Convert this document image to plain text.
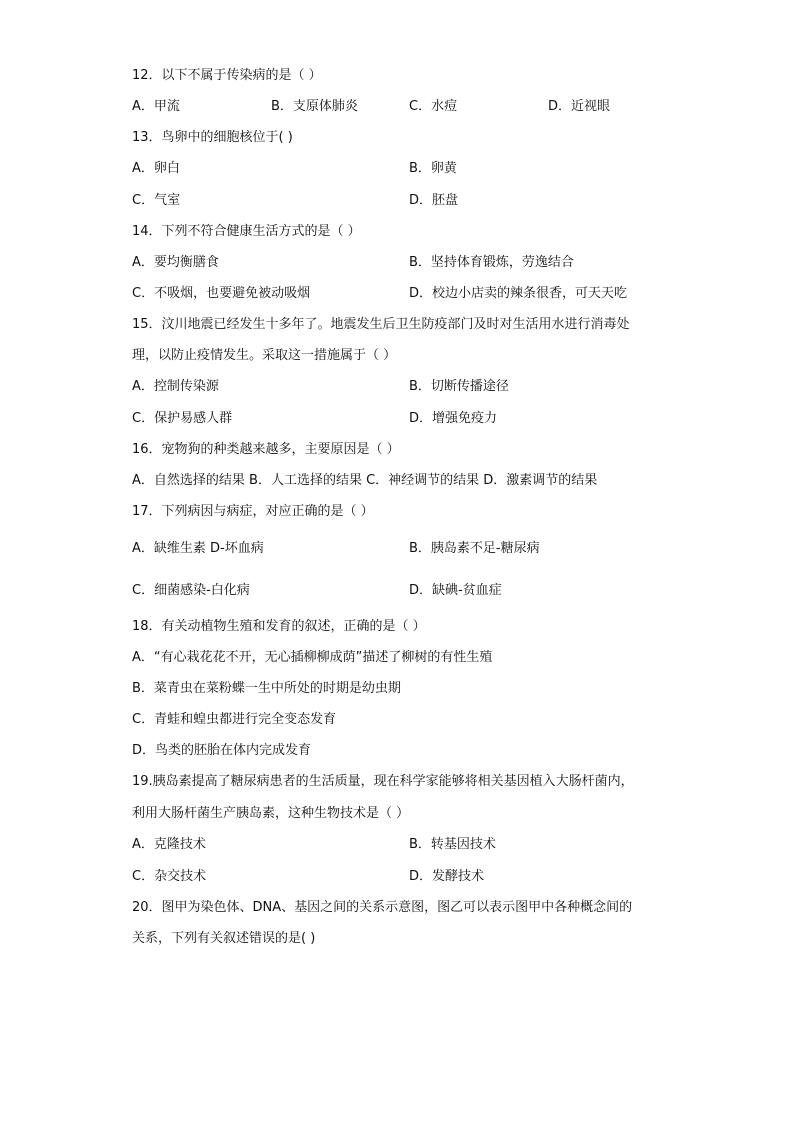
12．以下不属于传染病的是（ ）
A．甲流	B．支原体肺炎	C．水痘	D．近视眼
13．鸟卵中的细胞核位于( )
A．卵白	B．卵黄
C．气室	D．胚盘
14．下列不符合健康生活方式的是（ ）
A．要均衡膳食	B．坚持体育锻炼，劳逸结合
C．不吸烟，也要避免被动吸烟	D．校边小店卖的辣条很香，可天天吃
15．汶川地震已经发生十多年了。地震发生后卫生防疫部门及时对生活用水进行消毒处
理，以防止疫情发生。采取这一措施属于（ ）
A．控制传染源	B．切断传播途径
C．保护易感人群	D．增强免疫力
16．宠物狗的种类越来越多，主要原因是（ ）
A．自然选择的结果 B．人工选择的结果 C．神经调节的结果 D．激素调节的结果
17．下列病因与病症，对应正确的是（ ）
A．缺维生素 D-坏血病	B．胰岛素不足-糖尿病
C．细菌感染-白化病	D．缺碘-贫血症
18．有关动植物生殖和发育的叙述，正确的是（ ）
A．“有心栽花花不开，无心插柳柳成荫”描述了柳树的有性生殖
B．菜青虫在菜粉蝶一生中所处的时期是幼虫期
C．青蛙和蝗虫都进行完全变态发育
D．鸟类的胚胎在体内完成发育
19.胰岛素提高了糖尿病患者的生活质量，现在科学家能够将相关基因植入大肠杆菌内，
利用大肠杆菌生产胰岛素，这种生物技术是（ ）
A．克隆技术	B．转基因技术
C．杂交技术	D．发酵技术
20．图甲为染色体、DNA、基因之间的关系示意图，图乙可以表示图甲中各种概念间的
关系，下列有关叙述错误的是( )
